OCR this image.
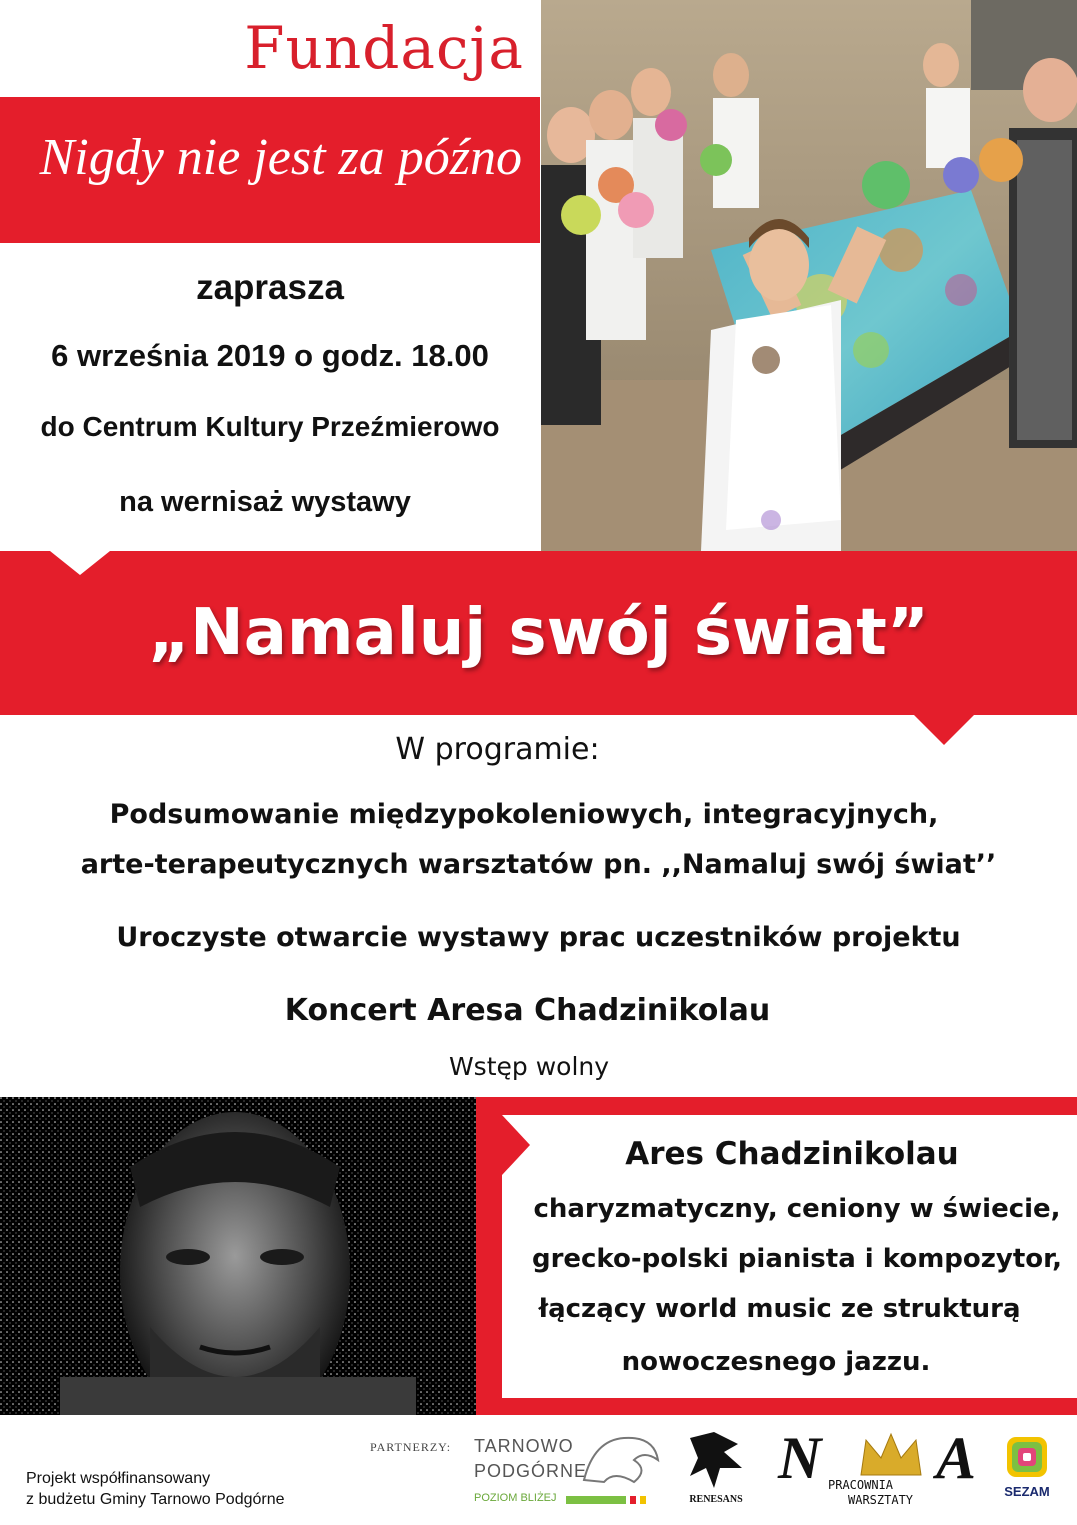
Fundacja
Nigdy nie jest za późno
zaprasza
6 września 2019 o godz. 18.00
do Centrum Kultury Przeźmierowo
na wernisaż wystawy
„Namaluj swój świat”
W programie:
Podsumowanie międzypokoleniowych, integracyjnych,
arte-terapeutycznych warsztatów pn. ,,Namaluj swój świat’’
Uroczyste otwarcie wystawy prac uczestników projektu
Koncert Aresa Chadzinikolau
Wstęp wolny
Ares Chadzinikolau
charyzmatyczny, ceniony w świecie,
grecko-polski pianista i kompozytor,
łączący world music ze strukturą
nowoczesnego jazzu.
Projekt współfinansowany
z budżetu Gminy Tarnowo Podgórne
PARTNERZY: TARNOWO
PODGÓRNE
POZIOM BLIŻEJ	RENESANS
N A
PRACOWNIA
WARSZTATY
SEZAM
